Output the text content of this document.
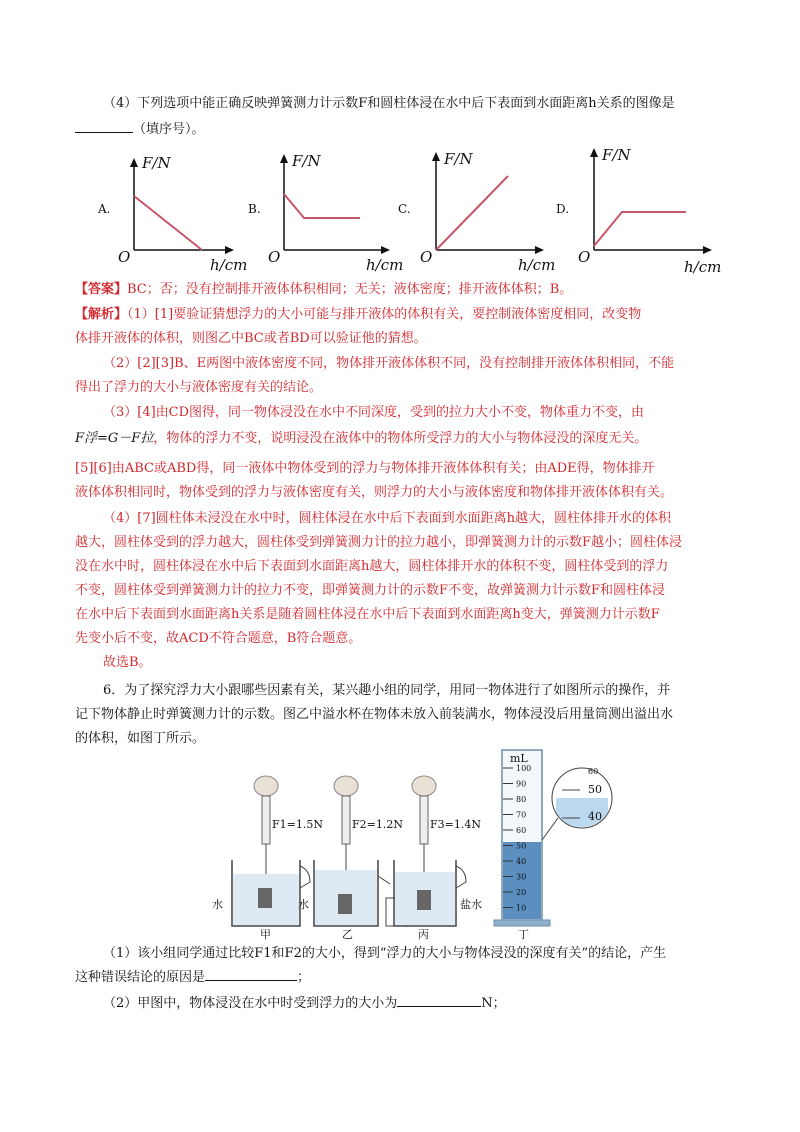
（4）下列选项中能正确反映弹簧测力计示数F和圆柱体浸在水中后下表面到水面距离h关系的图像是
（填序号）。
A.
F/N
h/cm
O
B.
F/N
h/cm
O
C.
F/N
h/cm
O
D.
F/N
h/cm
O
【答案】BC；否；没有控制排开液体体积相同；无关；液体密度；排开液体体积；B。
【解析】（1）[1]要验证猜想浮力的大小可能与排开液体的体积有关，要控制液体密度相同，改变物
体排开液体的体积，则图乙中BC或者BD可以验证他的猜想。
（2）[2][3]B、E两图中液体密度不同，物体排开液体体积不同，没有控制排开液体体积相同，不能
得出了浮力的大小与液体密度有关的结论。
（3）[4]由CD图得，同一物体浸没在水中不同深度，受到的拉力大小不变，物体重力不变，由
F浮=G－F拉，物体的浮力不变，说明浸没在液体中的物体所受浮力的大小与物体浸没的深度无关。
[5][6]由ABC或ABD得，同一液体中物体受到的浮力与物体排开液体体积有关；由ADE得，物体排开
液体体积相同时，物体受到的浮力与液体密度有关，则浮力的大小与液体密度和物体排开液体体积有关。
（4）[7]圆柱体未浸没在水中时，圆柱体浸在水中后下表面到水面距离h越大，圆柱体排开水的体积
越大，圆柱体受到的浮力越大，圆柱体受到弹簧测力计的拉力越小，即弹簧测力计的示数F越小；圆柱体浸
没在水中时，圆柱体浸在水中后下表面到水面距离h越大，圆柱体排开水的体积不变，圆柱体受到的浮力
不变，圆柱体受到弹簧测力计的拉力不变，即弹簧测力计的示数F不变，故弹簧测力计示数F和圆柱体浸
在水中后下表面到水面距离h关系是随着圆柱体浸在水中后下表面到水面距离h变大，弹簧测力计示数F
先变小后不变，故ACD不符合题意，B符合题意。
故选B。
6．为了探究浮力大小跟哪些因素有关，某兴趣小组的同学，用同一物体进行了如图所示的操作，并
记下物体静止时弹簧测力计的示数。图乙中溢水杯在物体未放入前装满水，物体浸没后用量筒测出溢出水
的体积，如图丁所示。
F1=1.5N
水
甲
F2=1.2N
水
乙
F3=1.4N
盐水
丙
mL
100
90
80
70
60
50
40
30
20
10
60
50
40
丁
（1）该小组同学通过比较F1和F2的大小，得到“浮力的大小与物体浸没的深度有关”的结论，产生
这种错误结论的原因是	；
（2）甲图中，物体浸没在水中时受到浮力的大小为	N；
